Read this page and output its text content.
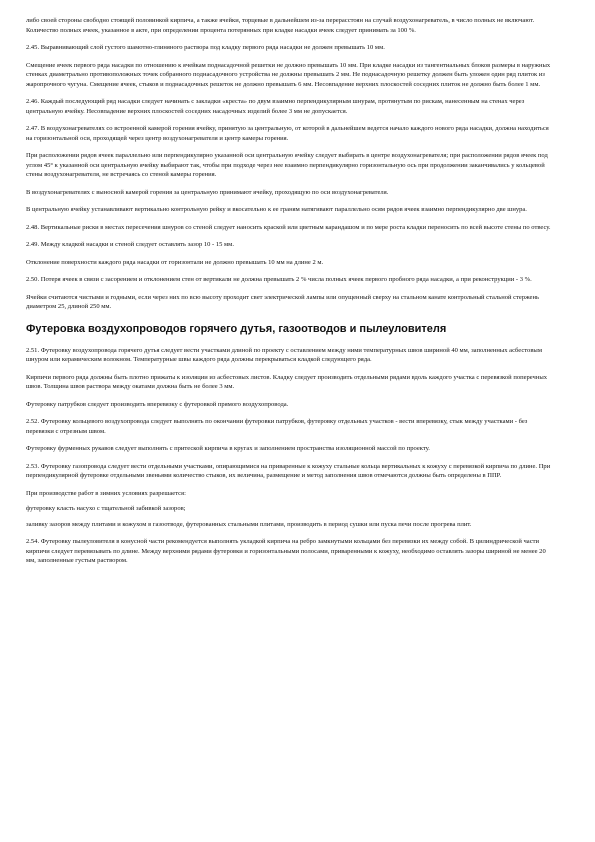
либо своей стороны свободно стоящей половинкой кирпича, а также ячейки, торцевые в дальнейшем из-за перерасстоян на случай воздухонагреватель, в число полных не включают. Количество полных ячеек, указанное в акте, при определении процента потерянных при кладке насадки ячеек следует принимать за 100 %.

2.45. Выравнивающий слой густого шамотно-глиняного раствора под кладку первого ряда насадки не должен превышать 10 мм.

Смещение ячеек первого ряда насадки по отношению к ячейкам поднасадочной решетки не должно превышать 10 мм. При кладке насадки из тангентиальных блоков размеры в наружных стенках диаметрально противоположных точек собранного поднасадочного устройства не должны превышать 2 мм. Не поднасадочную решетку должен быть уложен один ряд плиток из жаропрочного чугуна. Смещение ячеек, стыков и поднасадочных решеток не должно превышать 6 мм. Несовпадение верхних плоскостей соседних плиток не должно быть более 1 мм.

2.46. Каждый последующий ряд насадки следует начинать с закладки «креста» по двум взаимно перпендикулярным шнурам, протянутым по рискам, нанесенным на стенах через центральную ячейку. Несовпадение верхних плоскостей соседних насадочных изделий более 3 мм не допускается.

2.47. В воздухонагревателях со встроенной камерой горения ячейку, принятую за центральную, от которой в дальнейшем ведется начало каждого нового ряда насадки, должна находиться на горизонтальной оси, проходящей через центр воздухонагревателя и центр камеры горения.

При расположении рядов ячеек параллельно или перпендикулярно указанной оси центральную ячейку следует выбирать в центре воздухонагревателя; при расположении рядов ячеек под углом 45° к указанной оси центральную ячейку выбирают так, чтобы при подходе через нее взаимно перпендикулярно горизонтальную ось при продолжении заканчивались у кольцевой стены воздухонагревателя, не встречаясь со стеной камеры горения.

В воздухонагревателях с выносной камерой горения за центральную принимают ячейку, проходящую по оси воздухонагревателя.

В центральную ячейку устанавливают вертикально контрольную рейку и вкосательно к ее граням натягивают параллельно осям рядов ячеек взаимно перпендикулярно две шнура.

2.48. Вертикальные риски в местах пересечения шнуров со стеной следует наносить краской или цветным карандашом и по мере роста кладки переносить по всей высоте стены по отвесу.

2.49. Между кладкой насадки и стеной следует оставлять зазор 10 - 15 мм.

Отклонение поверхности каждого ряда насадки от горизонтали не должно превышать 10 мм на длине 2 м.

2.50. Потеря ячеек в связи с засорением и отклонением стен от вертикали не должна превышать 2 % числа полных ячеек первого пробного ряда насадки, а при реконструкции - 3 %.

Ячейки считаются чистыми и годными, если через них по всю высоту проходит свет электрической лампы или опущенный сверху на стальном канате контрольный стальной стержень диаметром 25, длиной 250 мм.

Футеровка воздухопроводов горячего дутья, газоотводов и пылеуловителя

2.51. Футеровку воздухопровода горячего дутья следует вести участками длиной по проекту с оставлением между ними температурных швов шириной 40 мм, заполненных асбестовым шнуром или керамическим волокном. Температурные швы каждого ряда должны перекрываться кладкой следующего ряда.

Кирпичи первого ряда должны быть плотно прижаты к изоляции из асбестовых листов. Кладку следует производить отдельными рядами вдоль каждого участка с перевязкой поперечных швов. Толщина швов раствора между окатами должна быть не более 3 мм.

Футеровку патрубков следует производить вперевязку с футеровкой прямого воздухопровода.

2.52. Футеровку кольцевого воздухопровода следует выполнять по окончании футеровки патрубков, футеровку отдельных участков - вести вперевязку, стык между участками - без перевязки с отрезным швом.

Футеровку фурменных рукавов следует выполнять с притеской кирпича в кругах и заполнением пространства изоляционной массой по проекту.

2.53. Футеровку газопровода следует вести отдельными участками, опирающимися на приваренные к кожуху стальные кольца вертикальных к кожуху с перевязкой кирпича по длине. При перпендикулярной футеровке отдельными звеньями количество стыков, их величина, размещение и метод заполнения швов отмечаются должны быть определены в ППР.

При производстве работ в зимних условиях разрешается:

футеровку класть насухо с тщательной забивкой зазоров;

заливку зазоров между плитами и кожухом в газоотводе, футерованных стальными плитами, производить в период сушки или пуска печи после прогрева плит.

2.54. Футеровку пылеуловителя в конусной части рекомендуется выполнять укладкой кирпича на ребро замкнутыми кольцами без перевязки их между собой. В цилиндрической части кирпичи следует перевязывать по длине. Между верхними рядами футеровки и горизонтальными полосами, приваренными к кожуху, необходимо оставлять зазоры шириной не менее 20 мм, заполненные густым раствором.
